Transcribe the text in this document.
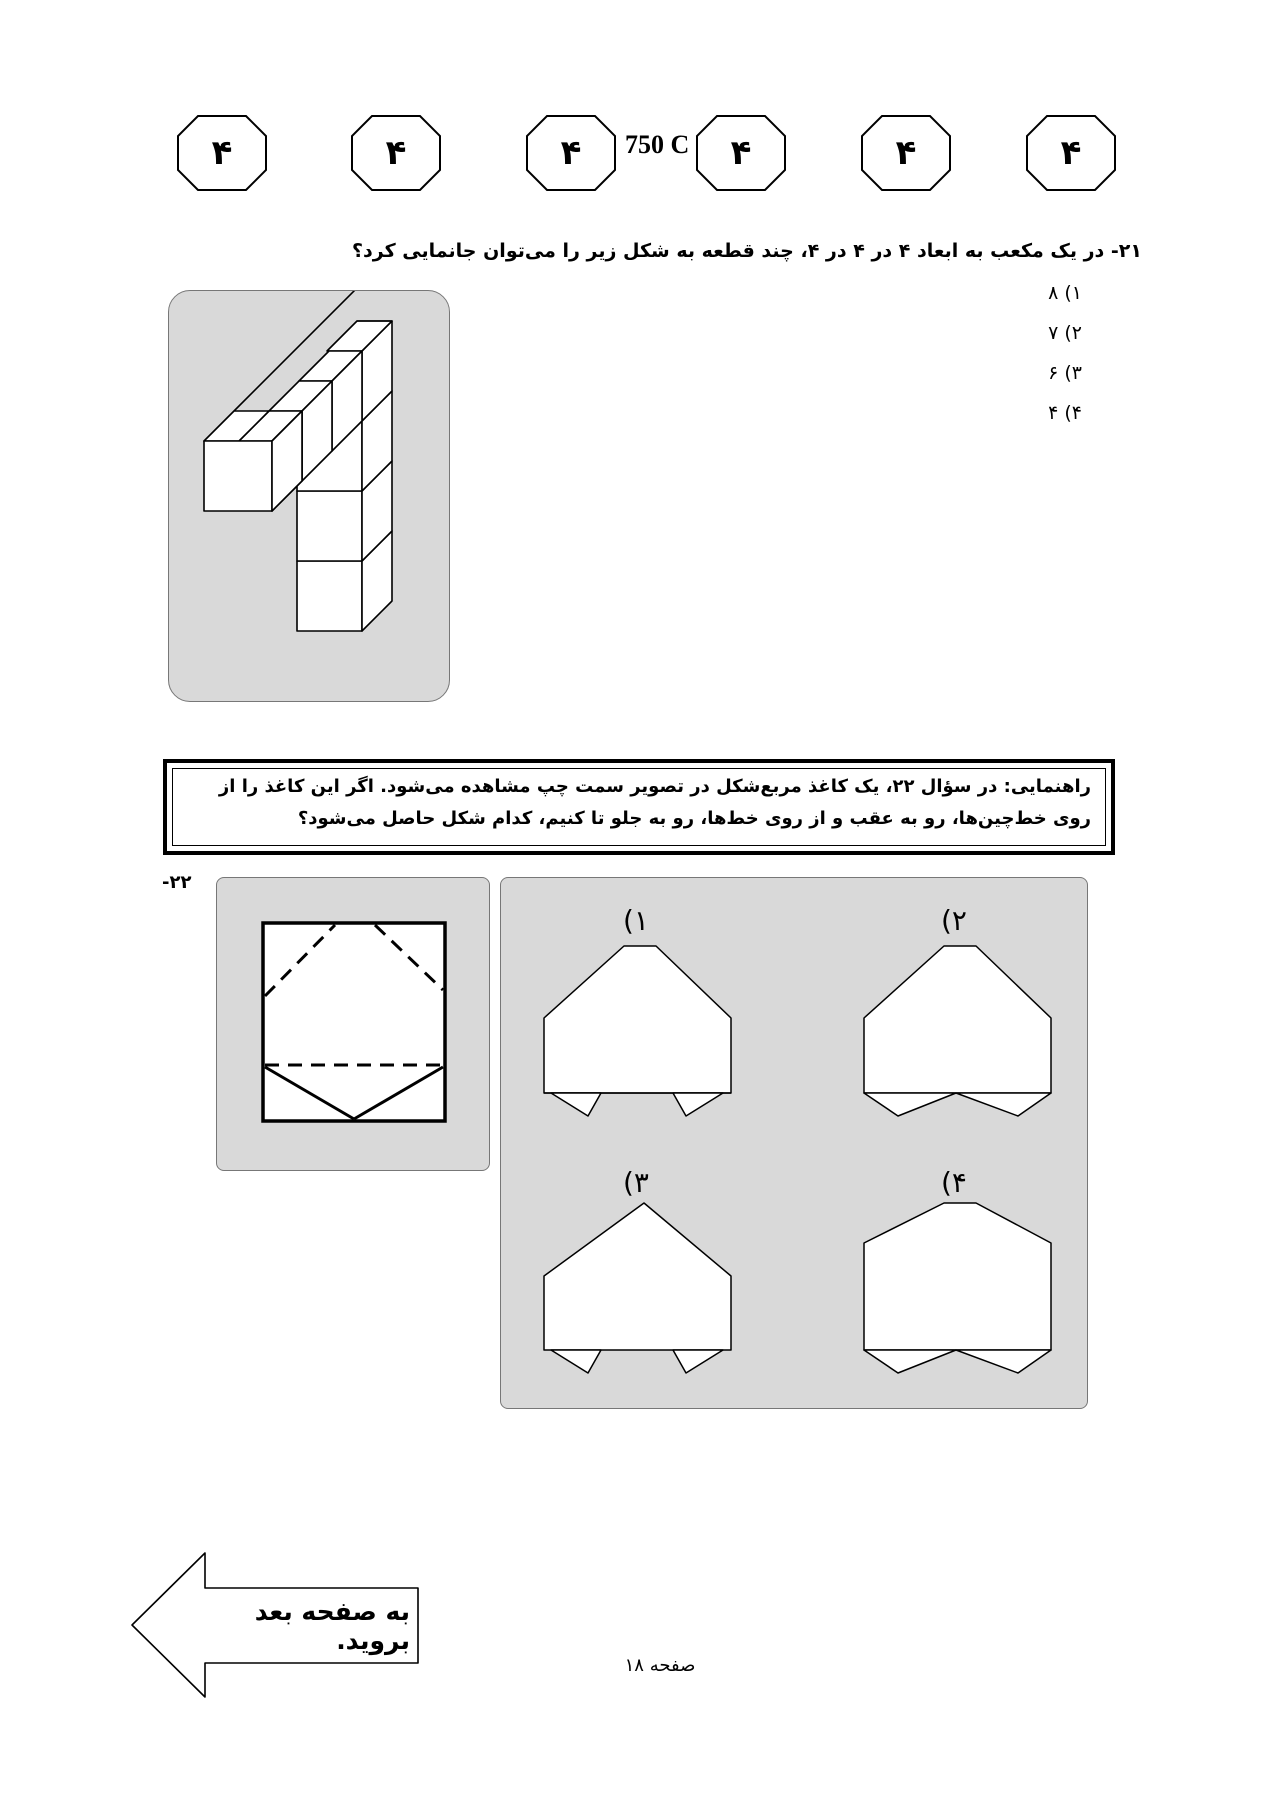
۴	۴	۴	750 C	۴	۴	۴
۲۱- در یک مکعب به ابعاد ۴ در ۴ در ۴، چند قطعه به شکل زیر را می‌توان جانمایی کرد؟
۸ (۱
۷ (۲
۶ (۳
۴ (۴
راهنمایی: در سؤال ۲۲، یک کاغذ مربع‌شکل در تصویر سمت چپ مشاهده می‌شود. اگر این کاغذ را از روی خط‌چین‌ها، رو به عقب و از روی خط‌ها، رو به جلو تا کنیم، کدام شکل حاصل می‌شود؟
-۲۲
(۱	(۲
(۳	(۴
به صفحه بعد بروید.
صفحه ۱۸
